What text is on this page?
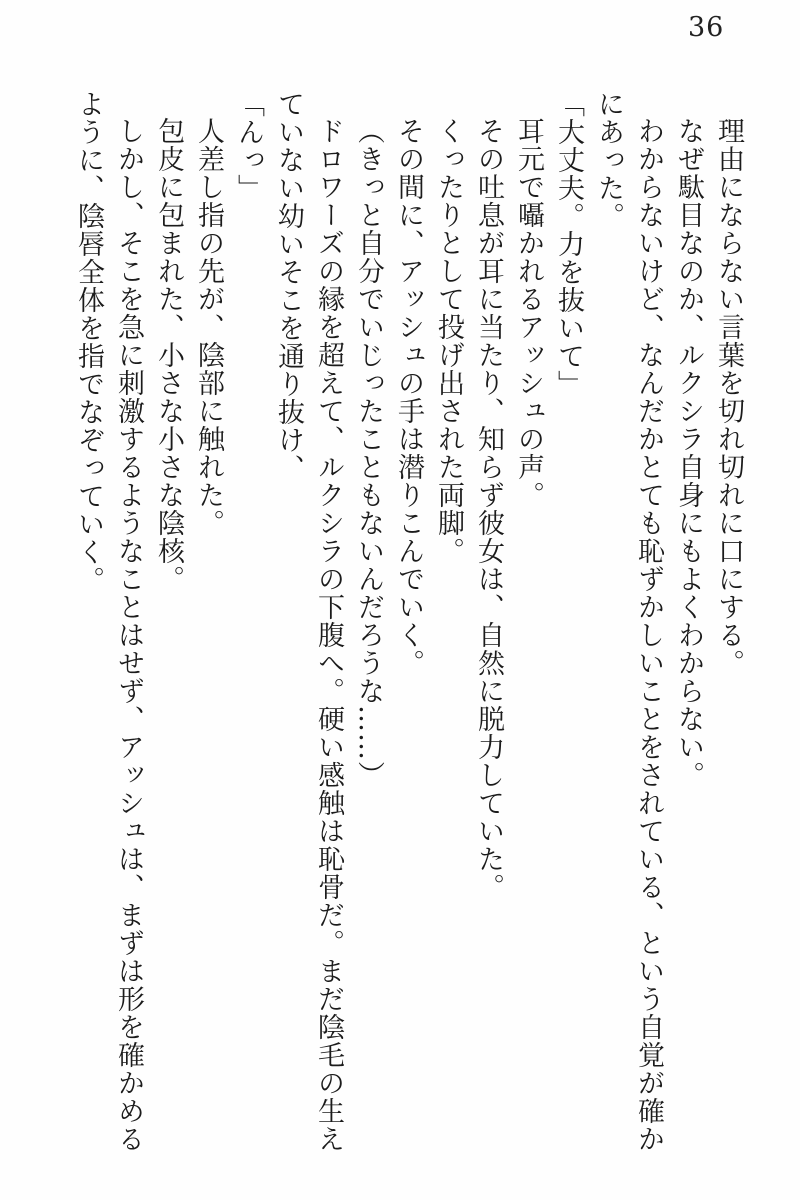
36

理由にならない言葉を切れ切れに口にする。

なぜ駄目なのか、ルクシラ自身にもよくわからない。

わからないけど、なんだかとても恥ずかしいことをされている、という自覚が確かにあった。

「大丈夫。力を抜いて」

耳元で囁かれるアッシュの声。

その吐息が耳に当たり、知らず彼女は、自然に脱力していた。

くったりとして投げ出された両脚。

その間に、アッシュの手は潜りこんでいく。

（きっと自分でいじったこともないんだろうな……）

ドロワーズの縁を超えて、ルクシラの下腹へ。硬い感触は恥骨だ。まだ陰毛の生えていない幼いそこを通り抜け、

「んっ」

人差し指の先が、陰部に触れた。

包皮に包まれた、小さな小さな陰核。

しかし、そこを急に刺激するようなことはせず、アッシュは、まずは形を確かめるように、陰唇全体を指でなぞっていく。
